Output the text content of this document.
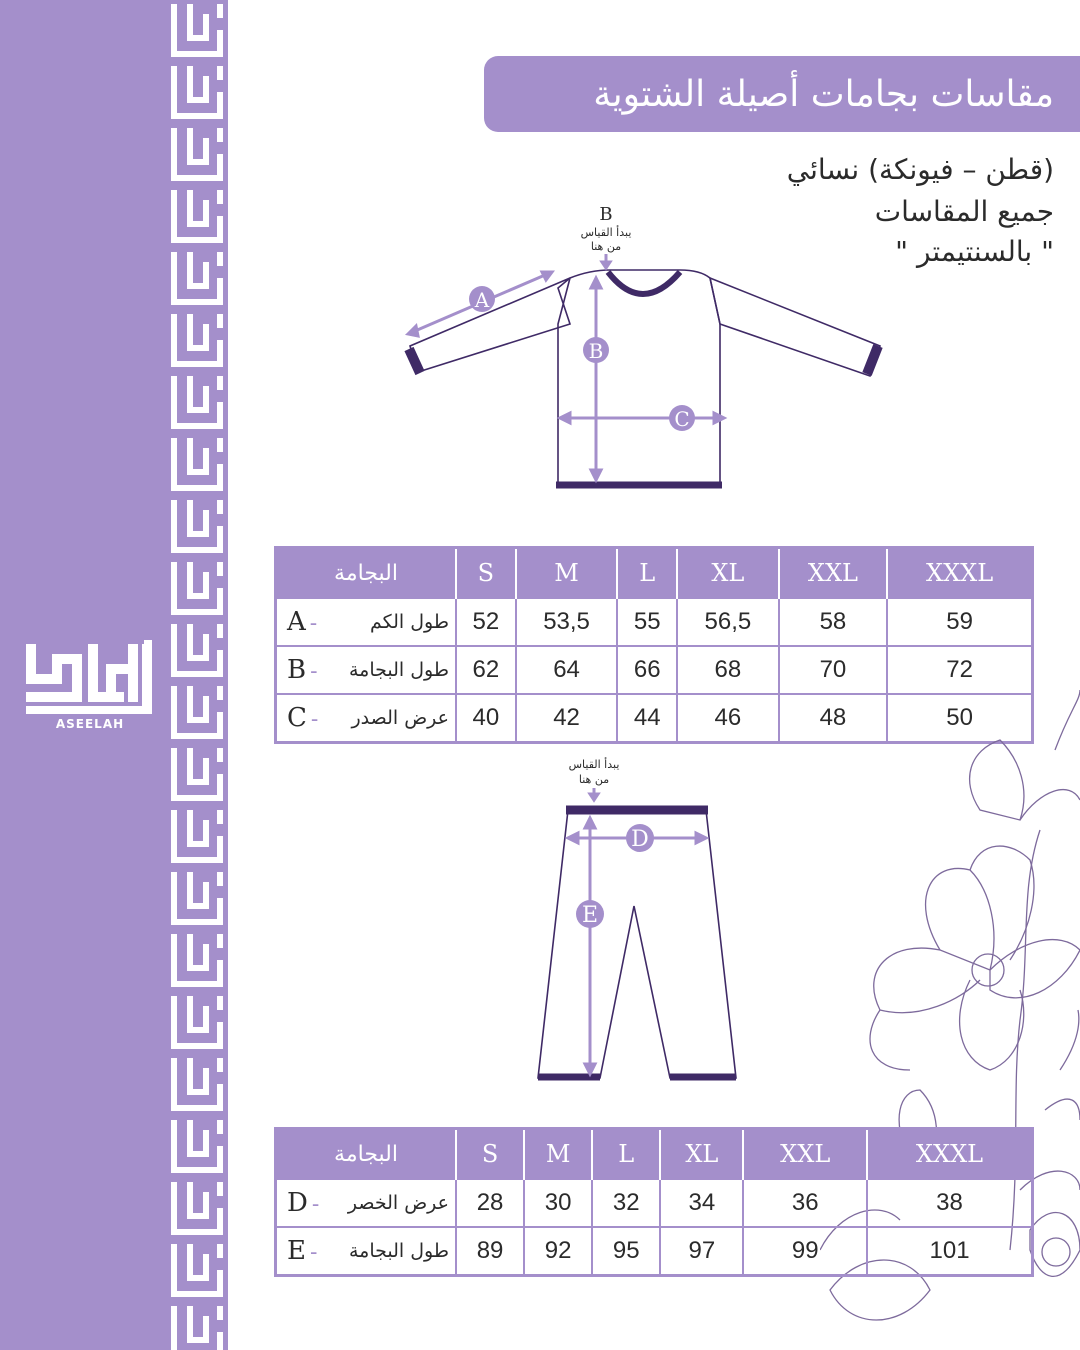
ASEELAH
مقاسات بجامات أصيلة الشتوية
(قطن – فيونكة) نسائي
جميع المقاسات
" بالسنتيمتر "
A
B
C
B
يبدأ القياس
من هنا
البجامة	S	M	L	XL	XXL	XXXL

A - طول الكم	52	53,5	55	56,5	58	59

B - طول البجامة	62	64	66	68	70	72

C - عرض الصدر	40	42	44	46	48	50
D
E
يبدأ القياس
من هنا
البجامة	S	M	L	XL	XXL	XXXL

D - عرض الخصر	28	30	32	34	36	38

E - طول البجامة	89	92	95	97	99	101
